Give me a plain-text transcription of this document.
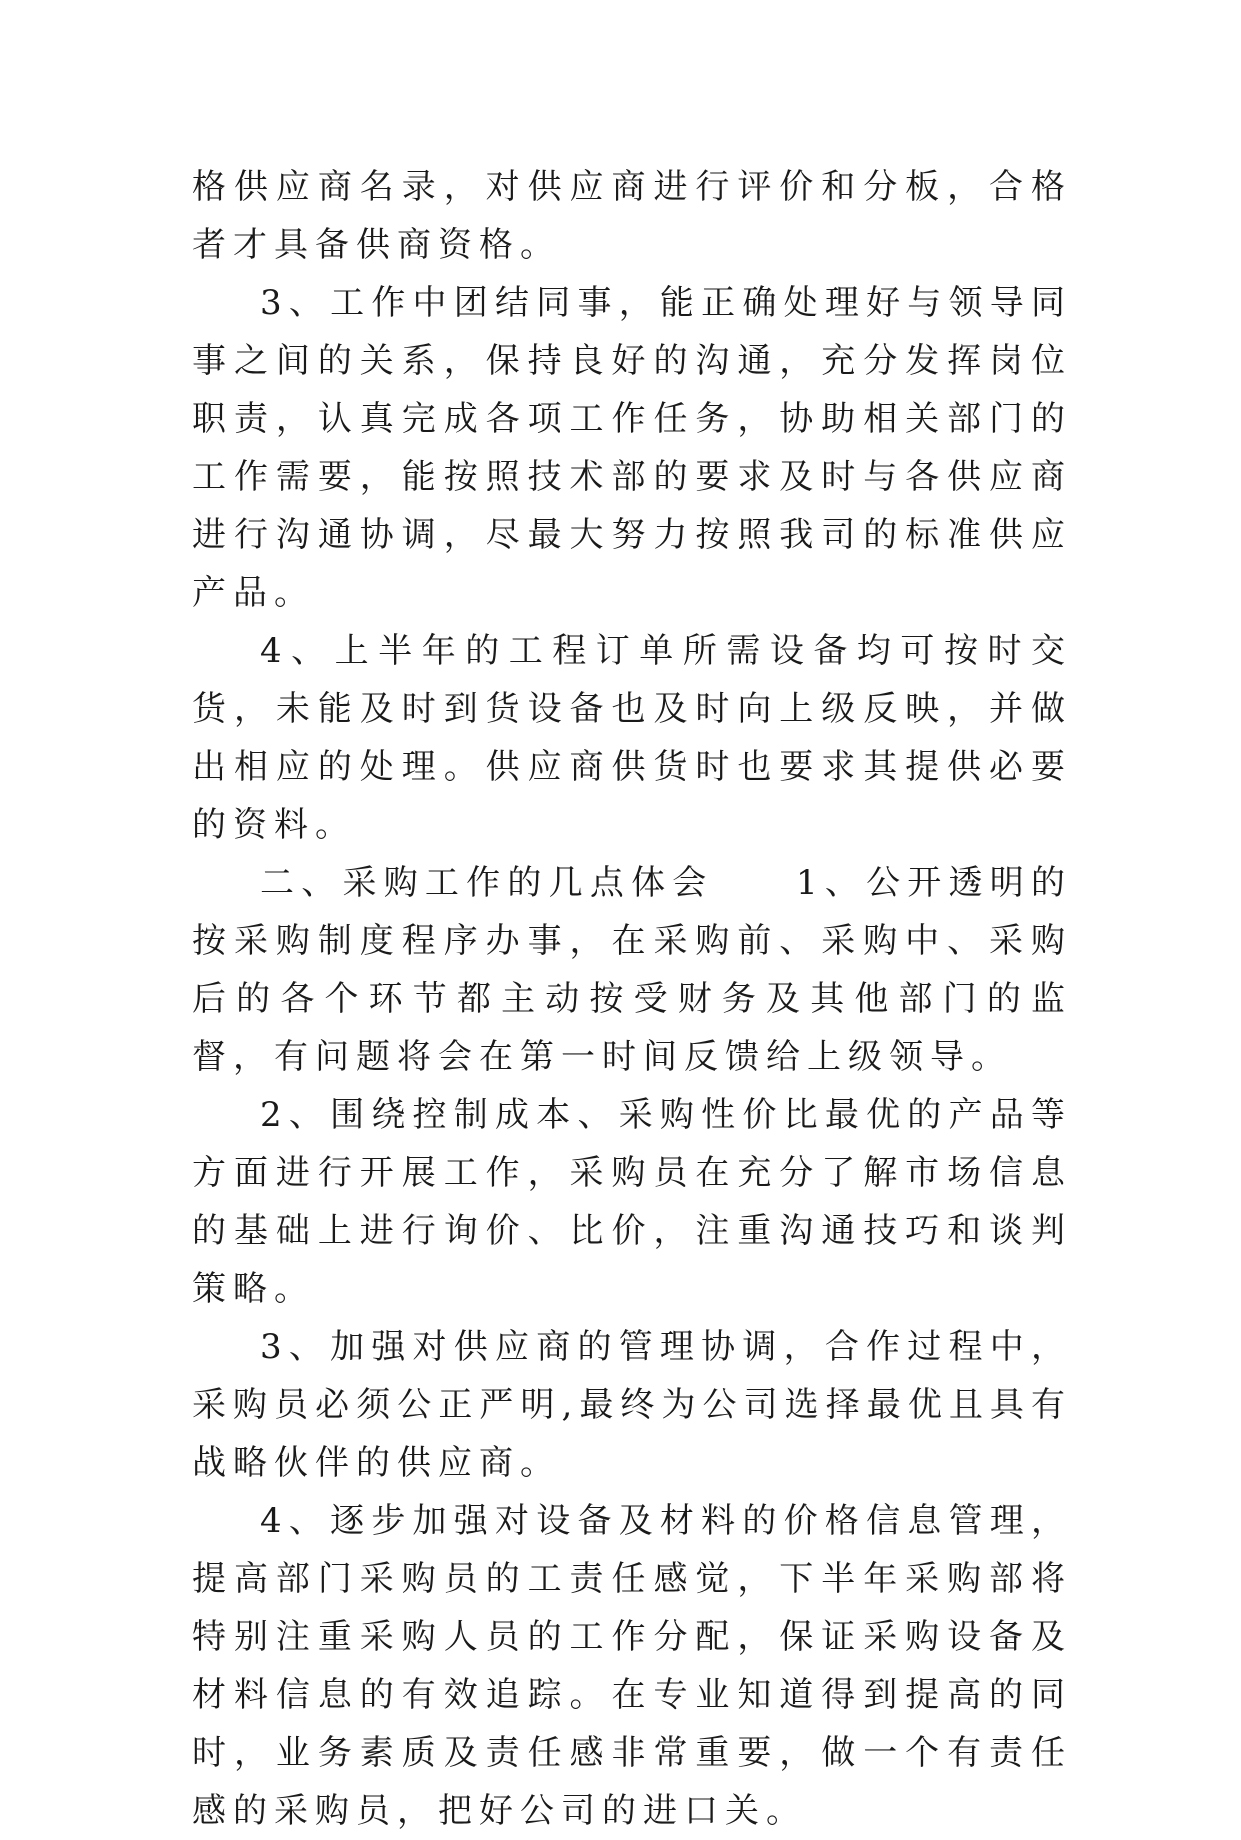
格供应商名录，对供应商进行评价和分板，合格者才具备供商资格。

3、工作中团结同事，能正确处理好与领导同事之间的关系，保持良好的沟通，充分发挥岗位职责，认真完成各项工作任务，协助相关部门的工作需要，能按照技术部的要求及时与各供应商进行沟通协调，尽最大努力按照我司的标准供应产品。

4、上半年的工程订单所需设备均可按时交货，未能及时到货设备也及时向上级反映，并做出相应的处理。供应商供货时也要求其提供必要的资料。

二、采购工作的几点体会　　1、公开透明的按采购制度程序办事，在采购前、采购中、采购后的各个环节都主动按受财务及其他部门的监督，有问题将会在第一时间反馈给上级领导。

2、围绕控制成本、采购性价比最优的产品等方面进行开展工作，采购员在充分了解市场信息的基础上进行询价、比价，注重沟通技巧和谈判策略。

3、加强对供应商的管理协调，合作过程中，采购员必须公正严明,最终为公司选择最优且具有战略伙伴的供应商。

4、逐步加强对设备及材料的价格信息管理，提高部门采购员的工责任感觉，下半年采购部将特别注重采购人员的工作分配，保证采购设备及材料信息的有效追踪。在专业知道得到提高的同时，业务素质及责任感非常重要，做一个有责任感的采购员，把好公司的进口关。
